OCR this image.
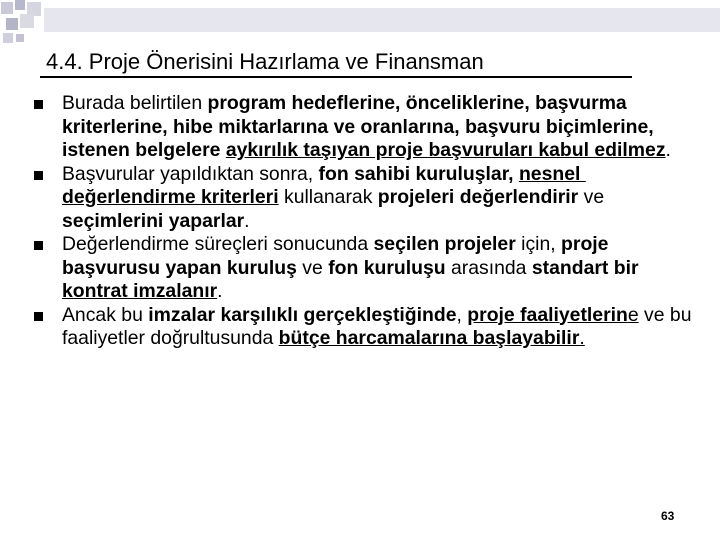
4.4. Proje Önerisini Hazırlama ve Finansman
Burada belirtilen program hedeflerine, önceliklerine, başvurma kriterlerine, hibe miktarlarına ve oranlarına, başvuru biçimlerine, istenen belgelere aykırılık taşıyan proje başvuruları kabul edilmez.
Başvurular yapıldıktan sonra, fon sahibi kuruluşlar, nesnel değerlendirme kriterleri kullanarak projeleri değerlendirir ve seçimlerini yaparlar.
Değerlendirme süreçleri sonucunda seçilen projeler için, proje başvurusu yapan kuruluş ve fon kuruluşu arasında standart bir kontrat imzalanır.
Ancak bu imzalar karşılıklı gerçekleştiğinde, proje faaliyetlerine ve bu faaliyetler doğrultusunda bütçe harcamalarına başlayabilir.
63
